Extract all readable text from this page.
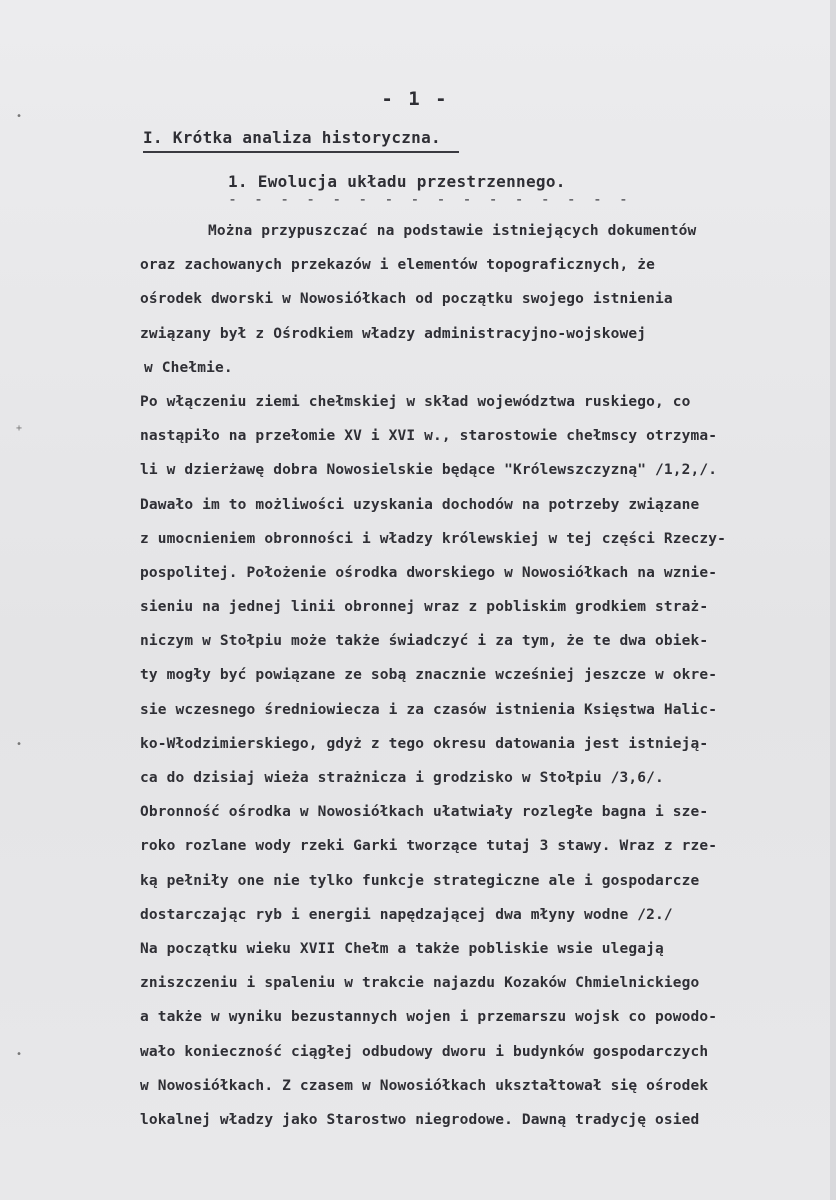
•
+
•
•
- 1 -
I. Krótka analiza historyczna.
1. Ewolucja układu przestrzennego.
- - - - - - - - - - - - - - - -
Można przypuszczać na podstawie istniejących dokumentów
oraz zachowanych przekazów i elementów topograficznych, że
ośrodek dworski w Nowosiółkach od początku swojego istnienia
związany był z Ośrodkiem władzy administracyjno-wojskowej
w Chełmie.
Po włączeniu ziemi chełmskiej w skład województwa ruskiego, co
nastąpiło na przełomie XV i XVI w., starostowie chełmscy otrzyma-
li w dzierżawę dobra Nowosielskie będące "Królewszczyzną" /1,2,/.
Dawało im to możliwości uzyskania dochodów na potrzeby związane
z umocnieniem obronności i władzy królewskiej w tej części Rzeczy-
pospolitej. Położenie ośrodka dworskiego w Nowosiółkach na wznie-
sieniu na jednej linii obronnej wraz z pobliskim grodkiem straż-
niczym w Stołpiu może także świadczyć i za tym, że te dwa obiek-
ty mogły być powiązane ze sobą znacznie wcześniej jeszcze w okre-
sie wczesnego średniowiecza i za czasów istnienia Księstwa Halic-
ko-Włodzimierskiego, gdyż z tego okresu datowania jest istnieją-
ca do dzisiaj wieża strażnicza i grodzisko w Stołpiu /3,6/.
Obronność ośrodka w Nowosiółkach ułatwiały rozległe bagna i sze-
roko rozlane wody rzeki Garki tworzące tutaj 3 stawy. Wraz z rze-
ką pełniły one nie tylko funkcje strategiczne ale i gospodarcze
dostarczając ryb i energii napędzającej dwa młyny wodne /2./
Na początku wieku XVII Chełm a także pobliskie wsie ulegają
zniszczeniu i spaleniu w trakcie najazdu Kozaków Chmielnickiego
a także w wyniku bezustannych wojen i przemarszu wojsk co powodo-
wało konieczność ciągłej odbudowy dworu i budynków gospodarczych
w Nowosiółkach. Z czasem w Nowosiółkach ukształtował się ośrodek
lokalnej władzy jako Starostwo niegrodowe. Dawną tradycję osied
